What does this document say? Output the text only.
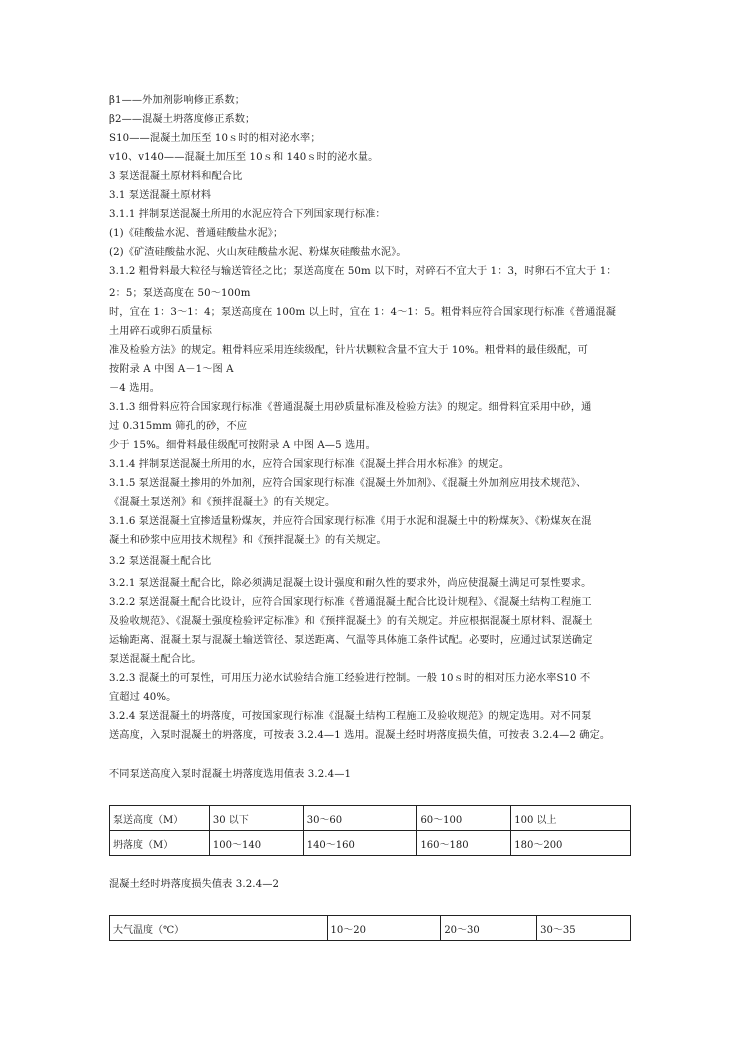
β1——外加剂影响修正系数；
β2——混凝土坍落度修正系数；
S10——混凝土加压至 10ｓ时的相对泌水率；
v10、v140——混凝土加压至 10ｓ和 140ｓ时的泌水量。
3 泵送混凝土原材料和配合比
3.1 泵送混凝土原材料
3.1.1 拌制泵送混凝土所用的水泥应符合下列国家现行标准：
(1)《硅酸盐水泥、普通硅酸盐水泥》；
(2)《矿渣硅酸盐水泥、火山灰硅酸盐水泥、粉煤灰硅酸盐水泥》。
3.1.2 粗骨料最大粒径与输送管径之比；泵送高度在 50m 以下时，对碎石不宜大于 1：3，时卵石不宜大于 1：
2：5；泵送高度在 50～100m
时，宜在 1：3～1：4；泵送高度在 100m 以上时，宜在 1：4～1：5。粗骨料应符合国家现行标准《普通混凝
土用碎石或卵石质量标
准及检验方法》的规定。粗骨料应采用连续级配，针片状颗粒含量不宜大于 10%。粗骨料的最佳级配，可
按附录 A 中图 A－1～图 A
－4 选用。
3.1.3 细骨料应符合国家现行标准《普通混凝土用砂质量标准及检验方法》的规定。细骨料宜采用中砂，通
过 0.315mm 筛孔的砂，不应
少于 15%。细骨料最佳级配可按附录 A 中图 A—5 选用。
3.1.4 拌制泵送混凝土所用的水，应符合国家现行标准《混凝土拌合用水标准》的规定。
3.1.5 泵送混凝土掺用的外加剂，应符合国家现行标准《混凝土外加剂》、《混凝土外加剂应用技术规范》、
《混凝土泵送剂》和《预拌混凝土》的有关规定。
3.1.6 泵送混凝土宜掺适量粉煤灰，并应符合国家现行标准《用于水泥和混凝土中的粉煤灰》、《粉煤灰在混
凝土和砂浆中应用技术规程》和《预拌混凝土》的有关规定。
3.2 泵送混凝土配合比
3.2.1 泵送混凝土配合比，除必须满足混凝土设计强度和耐久性的要求外，尚应使混凝土满足可泵性要求。
3.2.2 泵送混凝土配合比设计，应符合国家现行标准《普通混凝土配合比设计规程》、《混凝土结构工程施工
及验收规范》、《混凝土强度检验评定标准》和《预拌混凝土》的有关规定。并应根据混凝土原材料、混凝土
运输距离、混凝土泵与混凝土输送管径、泵送距离、气温等具体施工条件试配。必要时，应通过试泵送确定
泵送混凝土配合比。
3.2.3 混凝土的可泵性，可用压力泌水试验结合施工经验进行控制。一般 10ｓ时的相对压力泌水率S10 不
宜超过 40%。
3.2.4 泵送混凝土的坍落度，可按国家现行标准《混凝土结构工程施工及验收规范》的规定选用。对不同泵
送高度，入泵时混凝土的坍落度，可按表 3.2.4—1 选用。混凝土经时坍落度损失值，可按表 3.2.4—2 确定。
不同泵送高度入泵时混凝土坍落度选用值表 3.2.4—1
泵送高度（M）	30 以下	30～60	60～100	100 以上
坍落度（M）	100～140	140～160	160～180	180～200
混凝土经时坍落度损失值表 3.2.4—2
大气温度（℃）	10～20	20～30	30～35
